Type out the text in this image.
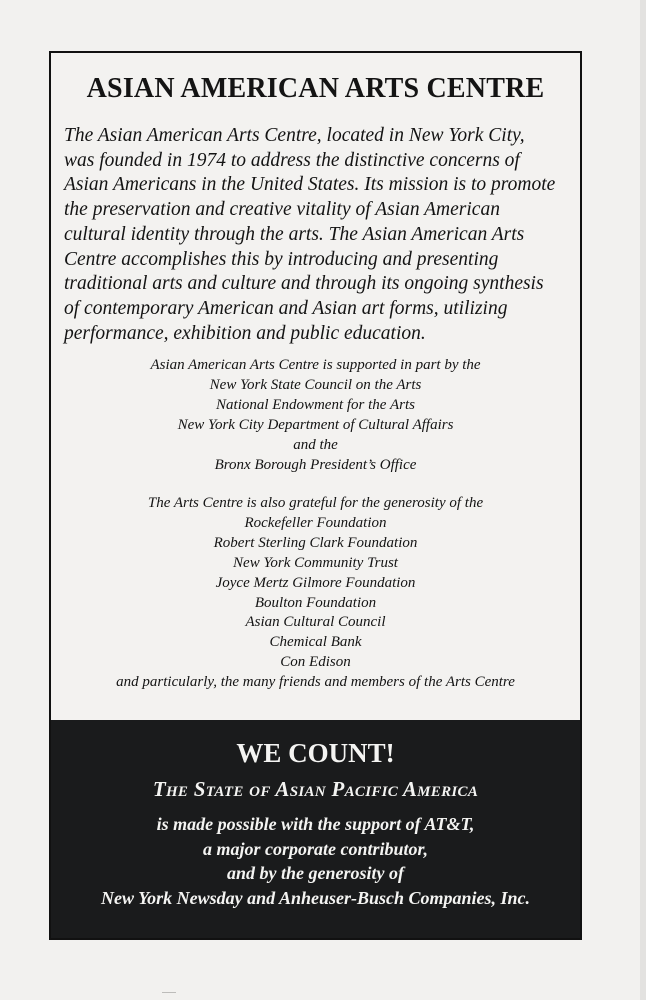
ASIAN AMERICAN ARTS CENTRE

The Asian American Arts Centre, located in New York City,
was founded in 1974 to address the distinctive concerns of
Asian Americans in the United States. Its mission is to promote
the preservation and creative vitality of Asian American
cultural identity through the arts. The Asian American Arts
Centre accomplishes this by introducing and presenting
traditional arts and culture and through its ongoing synthesis
of contemporary American and Asian art forms, utilizing
performance, exhibition and public education.

Asian American Arts Centre is supported in part by the
New York State Council on the Arts
National Endowment for the Arts
New York City Department of Cultural Affairs
and the
Bronx Borough President’s Office
The Arts Centre is also grateful for the generosity of the
Rockefeller Foundation
Robert Sterling Clark Foundation
New York Community Trust
Joyce Mertz Gilmore Foundation
Boulton Foundation
Asian Cultural Council
Chemical Bank
Con Edison
and particularly, the many friends and members of the Arts Centre
WE COUNT!
The State of Asian Pacific America
is made possible with the support of AT&T,
a major corporate contributor,
and by the generosity of
New York Newsday and Anheuser-Busch Companies, Inc.
